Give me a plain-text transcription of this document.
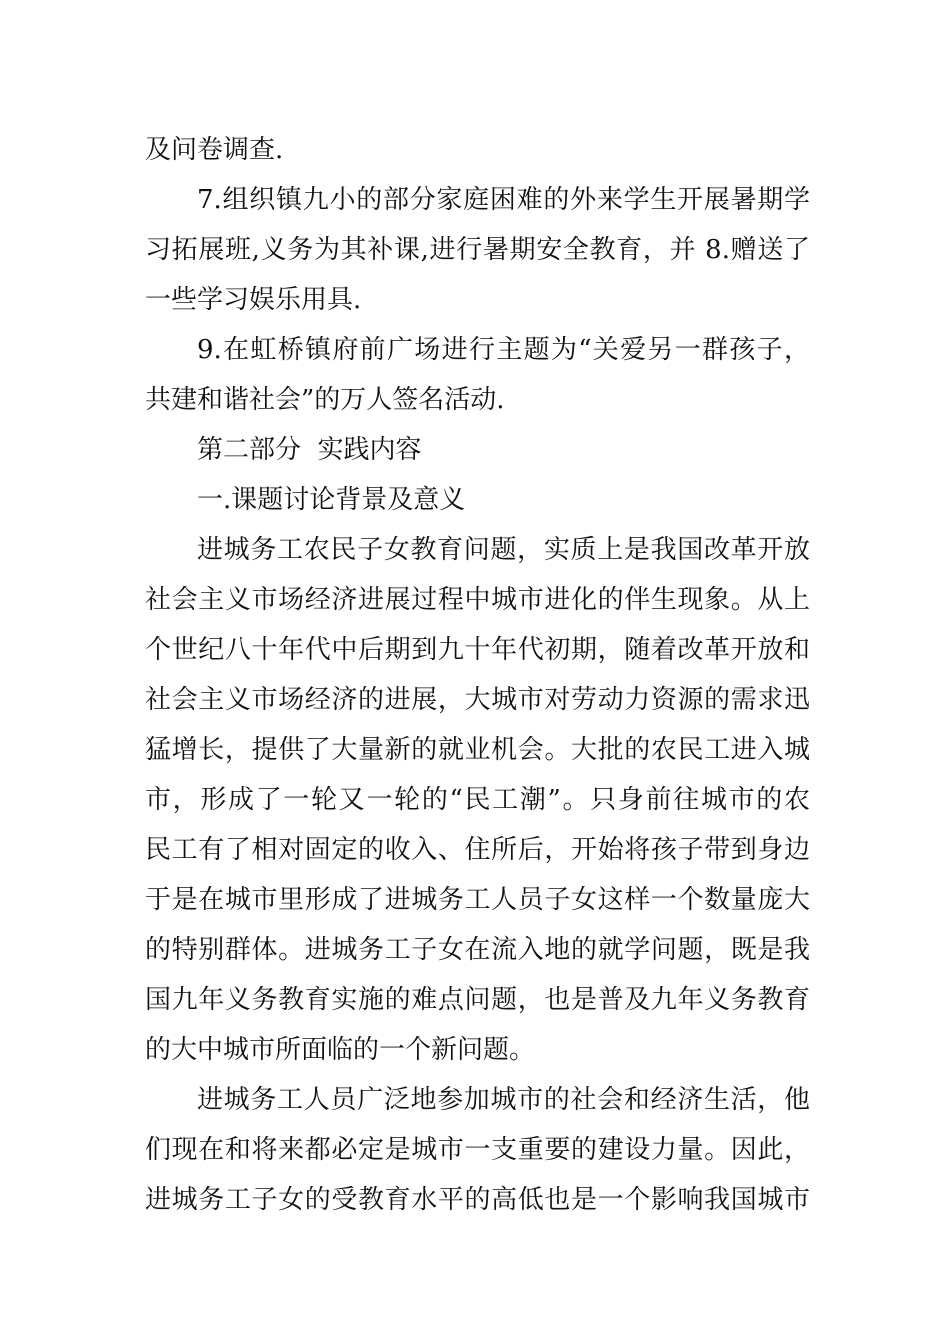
及问卷调查.
7.组织镇九小的部分家庭困难的外来学生开展暑期学
习拓展班,义务为其补课,进行暑期安全教育，并 8.赠送了
一些学习娱乐用具.
9.在虹桥镇府前广场进行主题为“关爱另一群孩子，
共建和谐社会”的万人签名活动.
第二部分  实践内容
一.课题讨论背景及意义
进城务工农民子女教育问题，实质上是我国改革开放
社会主义市场经济进展过程中城市进化的伴生现象。从上
个世纪八十年代中后期到九十年代初期，随着改革开放和
社会主义市场经济的进展，大城市对劳动力资源的需求迅
猛增长，提供了大量新的就业机会。大批的农民工进入城
市，形成了一轮又一轮的“民工潮”。只身前往城市的农
民工有了相对固定的收入、住所后，开始将孩子带到身边
于是在城市里形成了进城务工人员子女这样一个数量庞大
的特别群体。进城务工子女在流入地的就学问题，既是我
国九年义务教育实施的难点问题，也是普及九年义务教育
的大中城市所面临的一个新问题。
进城务工人员广泛地参加城市的社会和经济生活，他
们现在和将来都必定是城市一支重要的建设力量。因此，
进城务工子女的受教育水平的高低也是一个影响我国城市
